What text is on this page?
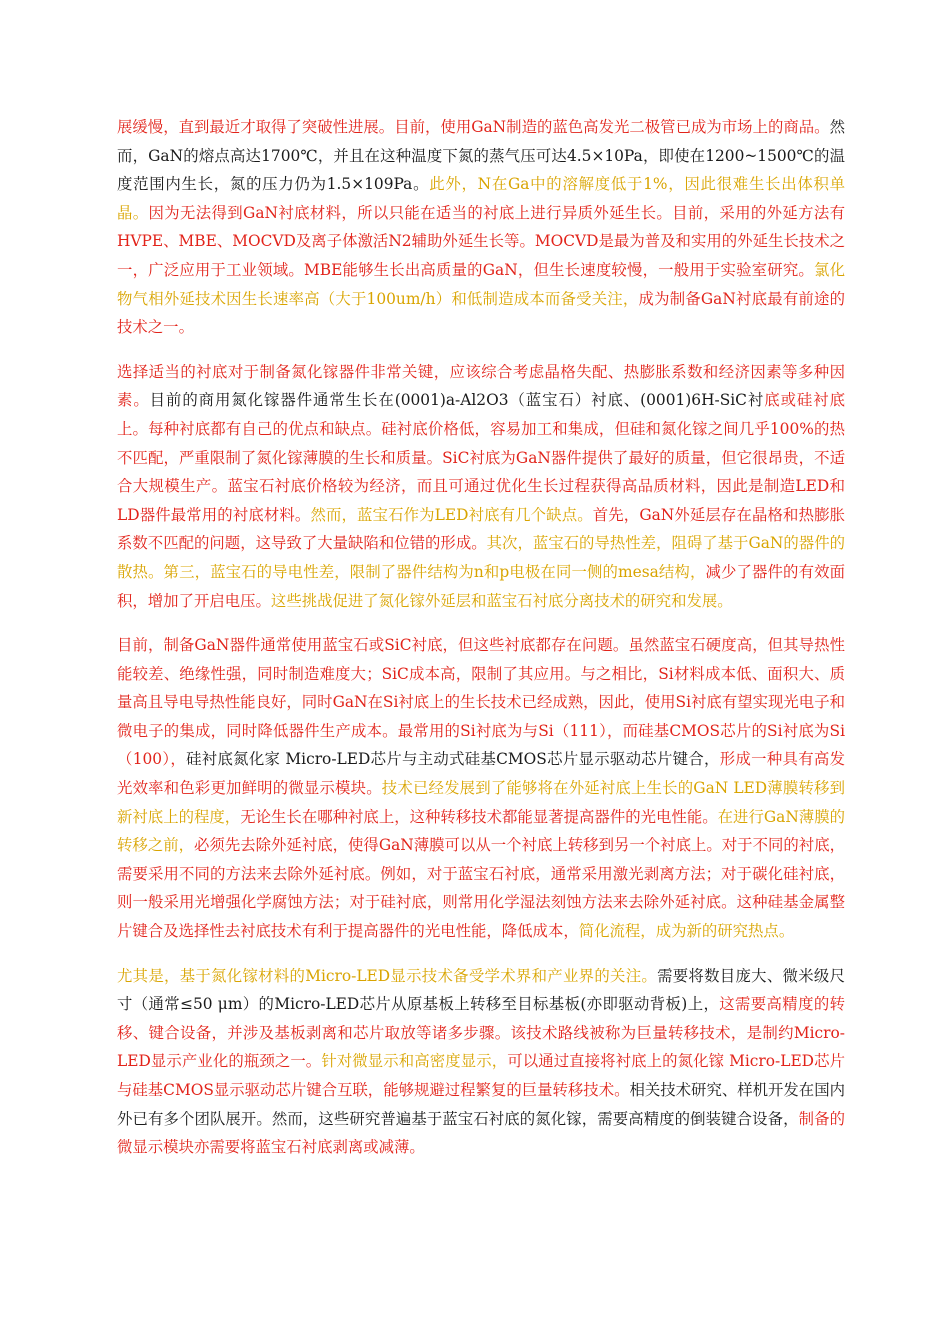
展缓慢，直到最近才取得了突破性进展。目前，使用GaN制造的蓝色高发光二极管已成为市场上的商品。然而，GaN的熔点高达1700℃，并且在这种温度下氮的蒸气压可达4.5×10Pa，即使在1200~1500℃的温度范围内生长，氮的压力仍为1.5×109Pa。此外，N在Ga中的溶解度低于1%，因此很难生长出体积单晶。因为无法得到GaN衬底材料，所以只能在适当的衬底上进行异质外延生长。目前，采用的外延方法有HVPE、MBE、MOCVD及离子体激活N2辅助外延生长等。MOCVD是最为普及和实用的外延生长技术之一，广泛应用于工业领域。MBE能够生长出高质量的GaN，但生长速度较慢，一般用于实验室研究。氯化物气相外延技术因生长速率高（大于100um/h）和低制造成本而备受关注，成为制备GaN衬底最有前途的技术之一。

选择适当的衬底对于制备氮化镓器件非常关键，应该综合考虑晶格失配、热膨胀系数和经济因素等多种因素。目前的商用氮化镓器件通常生长在(0001)a-Al2O3（蓝宝石）衬底、(0001)6H-SiC衬底或硅衬底上。每种衬底都有自己的优点和缺点。硅衬底价格低，容易加工和集成，但硅和氮化镓之间几乎100%的热不匹配，严重限制了氮化镓薄膜的生长和质量。SiC衬底为GaN器件提供了最好的质量，但它很昂贵，不适合大规模生产。蓝宝石衬底价格较为经济，而且可通过优化生长过程获得高品质材料，因此是制造LED和LD器件最常用的衬底材料。然而，蓝宝石作为LED衬底有几个缺点。首先，GaN外延层存在晶格和热膨胀系数不匹配的问题，这导致了大量缺陷和位错的形成。其次，蓝宝石的导热性差，阻碍了基于GaN的器件的散热。第三，蓝宝石的导电性差，限制了器件结构为n和p电极在同一侧的mesa结构，减少了器件的有效面积，增加了开启电压。这些挑战促进了氮化镓外延层和蓝宝石衬底分离技术的研究和发展。

目前，制备GaN器件通常使用蓝宝石或SiC衬底，但这些衬底都存在问题。虽然蓝宝石硬度高，但其导热性能较差、绝缘性强，同时制造难度大；SiC成本高，限制了其应用。与之相比，Si材料成本低、面积大、质量高且导电导热性能良好，同时GaN在Si衬底上的生长技术已经成熟，因此，使用Si衬底有望实现光电子和微电子的集成，同时降低器件生产成本。最常用的Si衬底为与Si（111），而硅基CMOS芯片的Si衬底为Si（100），硅衬底氮化家 Micro-LED芯片与主动式硅基CMOS芯片显示驱动芯片键合，形成一种具有高发光效率和色彩更加鲜明的微显示模块。技术已经发展到了能够将在外延衬底上生长的GaN LED薄膜转移到新衬底上的程度，无论生长在哪种衬底上，这种转移技术都能显著提高器件的光电性能。在进行GaN薄膜的转移之前，必须先去除外延衬底，使得GaN薄膜可以从一个衬底上转移到另一个衬底上。对于不同的衬底，需要采用不同的方法来去除外延衬底。例如，对于蓝宝石衬底，通常采用激光剥离方法；对于碳化硅衬底，则一般采用光增强化学腐蚀方法；对于硅衬底，则常用化学湿法刻蚀方法来去除外延衬底。这种硅基金属整片键合及选择性去衬底技术有利于提高器件的光电性能，降低成本，简化流程，成为新的研究热点。

尤其是，基于氮化镓材料的Micro-LED显示技术备受学术界和产业界的关注。需要将数目庞大、微米级尺寸（通常≤50 μm）的Micro-LED芯片从原基板上转移至目标基板(亦即驱动背板)上，这需要高精度的转移、键合设备，并涉及基板剥离和芯片取放等诸多步骤。该技术路线被称为巨量转移技术，是制约Micro-LED显示产业化的瓶颈之一。针对微显示和高密度显示，可以通过直接将衬底上的氮化镓 Micro-LED芯片与硅基CMOS显示驱动芯片键合互联，能够规避过程繁复的巨量转移技术。相关技术研究、样机开发在国内外已有多个团队展开。然而，这些研究普遍基于蓝宝石衬底的氮化镓，需要高精度的倒装键合设备，制备的微显示模块亦需要将蓝宝石衬底剥离或减薄。
